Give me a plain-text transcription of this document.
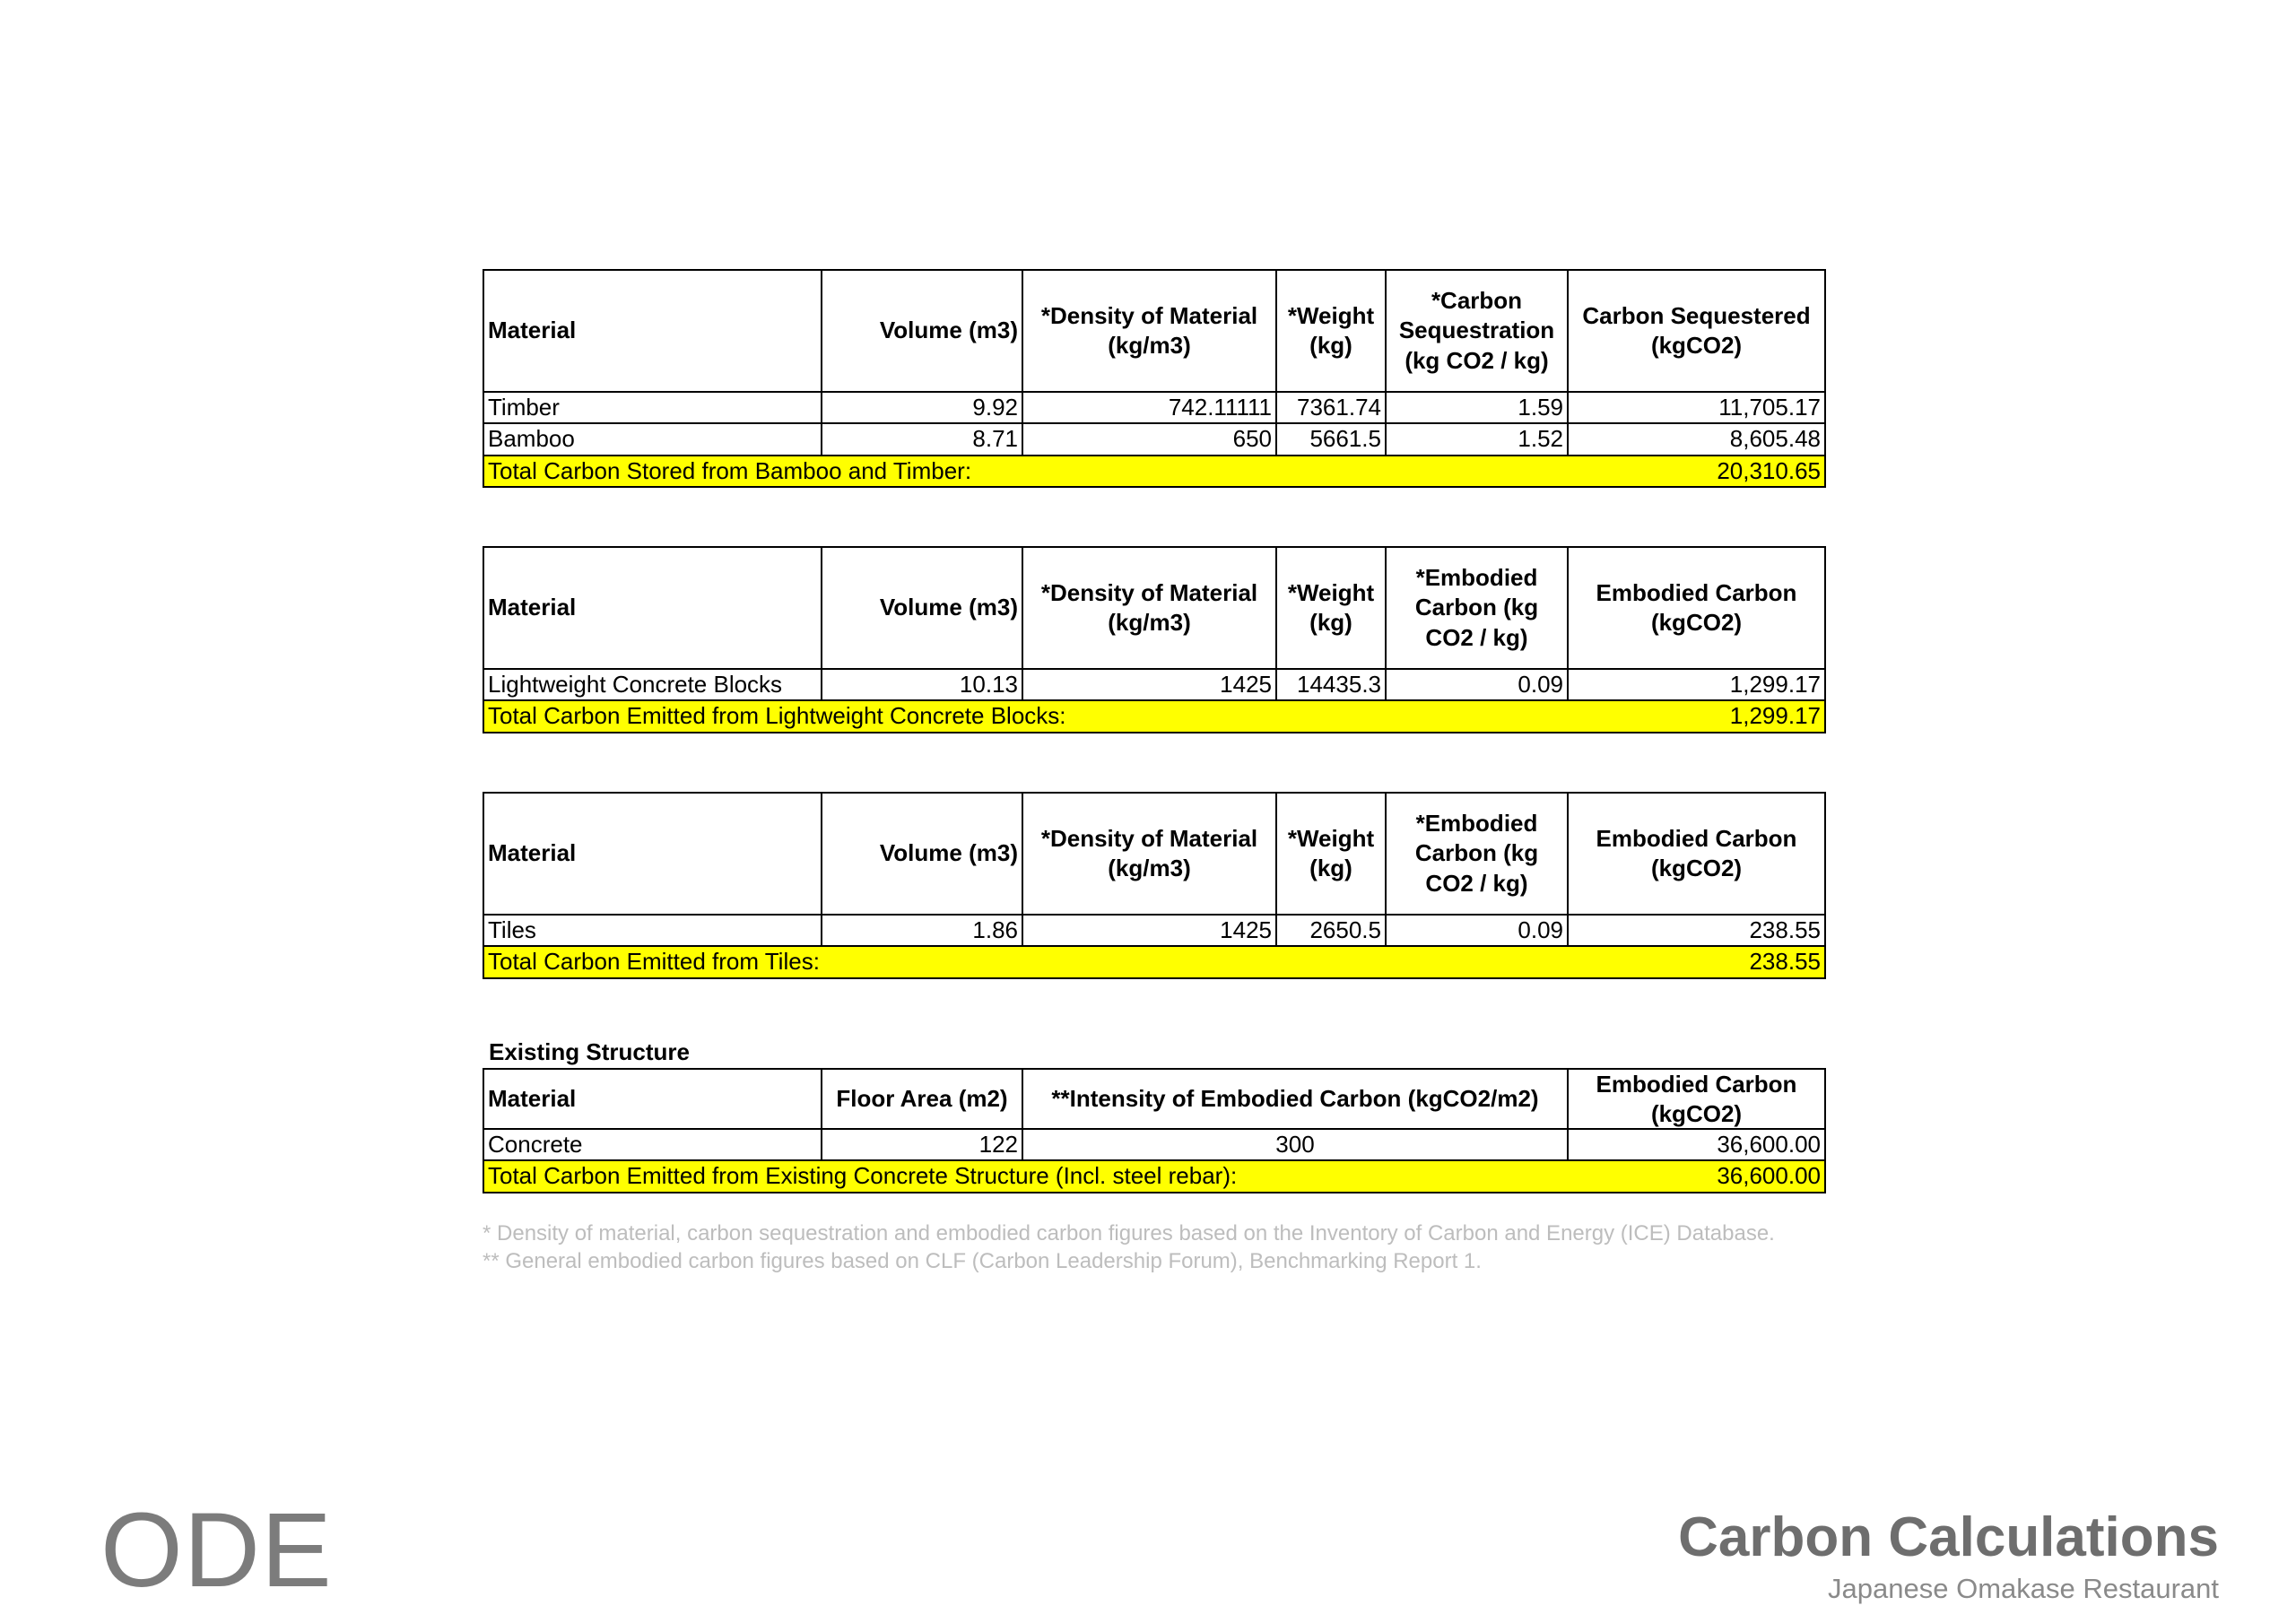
Material	Volume (m3)	*Density of Material (kg/m3)	*Weight (kg)	*Carbon Sequestration (kg CO2 / kg)	Carbon Sequestered (kgCO2)
Timber	9.92	742.11111	7361.74	1.59	11,705.17
Bamboo	8.71	650	5661.5	1.52	8,605.48
Total Carbon Stored from Bamboo and Timber:					20,310.65
Material	Volume (m3)	*Density of Material (kg/m3)	*Weight (kg)	*Embodied Carbon (kg CO2 / kg)	Embodied Carbon (kgCO2)
Lightweight Concrete Blocks	10.13	1425	14435.3	0.09	1,299.17
Total Carbon Emitted from Lightweight Concrete Blocks:					1,299.17
Material	Volume (m3)	*Density of Material (kg/m3)	*Weight (kg)	*Embodied Carbon (kg CO2 / kg)	Embodied Carbon (kgCO2)
Tiles	1.86	1425	2650.5	0.09	238.55
Total Carbon Emitted from Tiles:					238.55
Existing Structure
Material	Floor Area (m2)	**Intensity of Embodied Carbon (kgCO2/m2)	Embodied Carbon (kgCO2)
Concrete	122	300	36,600.00
Total Carbon Emitted from Existing Concrete Structure (Incl. steel rebar):			36,600.00
* Density of material, carbon sequestration and embodied carbon figures based on the Inventory of Carbon and Energy (ICE) Database.
** General embodied carbon figures based on CLF (Carbon Leadership Forum), Benchmarking Report 1.
ODE	Carbon Calculations
Japanese Omakase Restaurant
